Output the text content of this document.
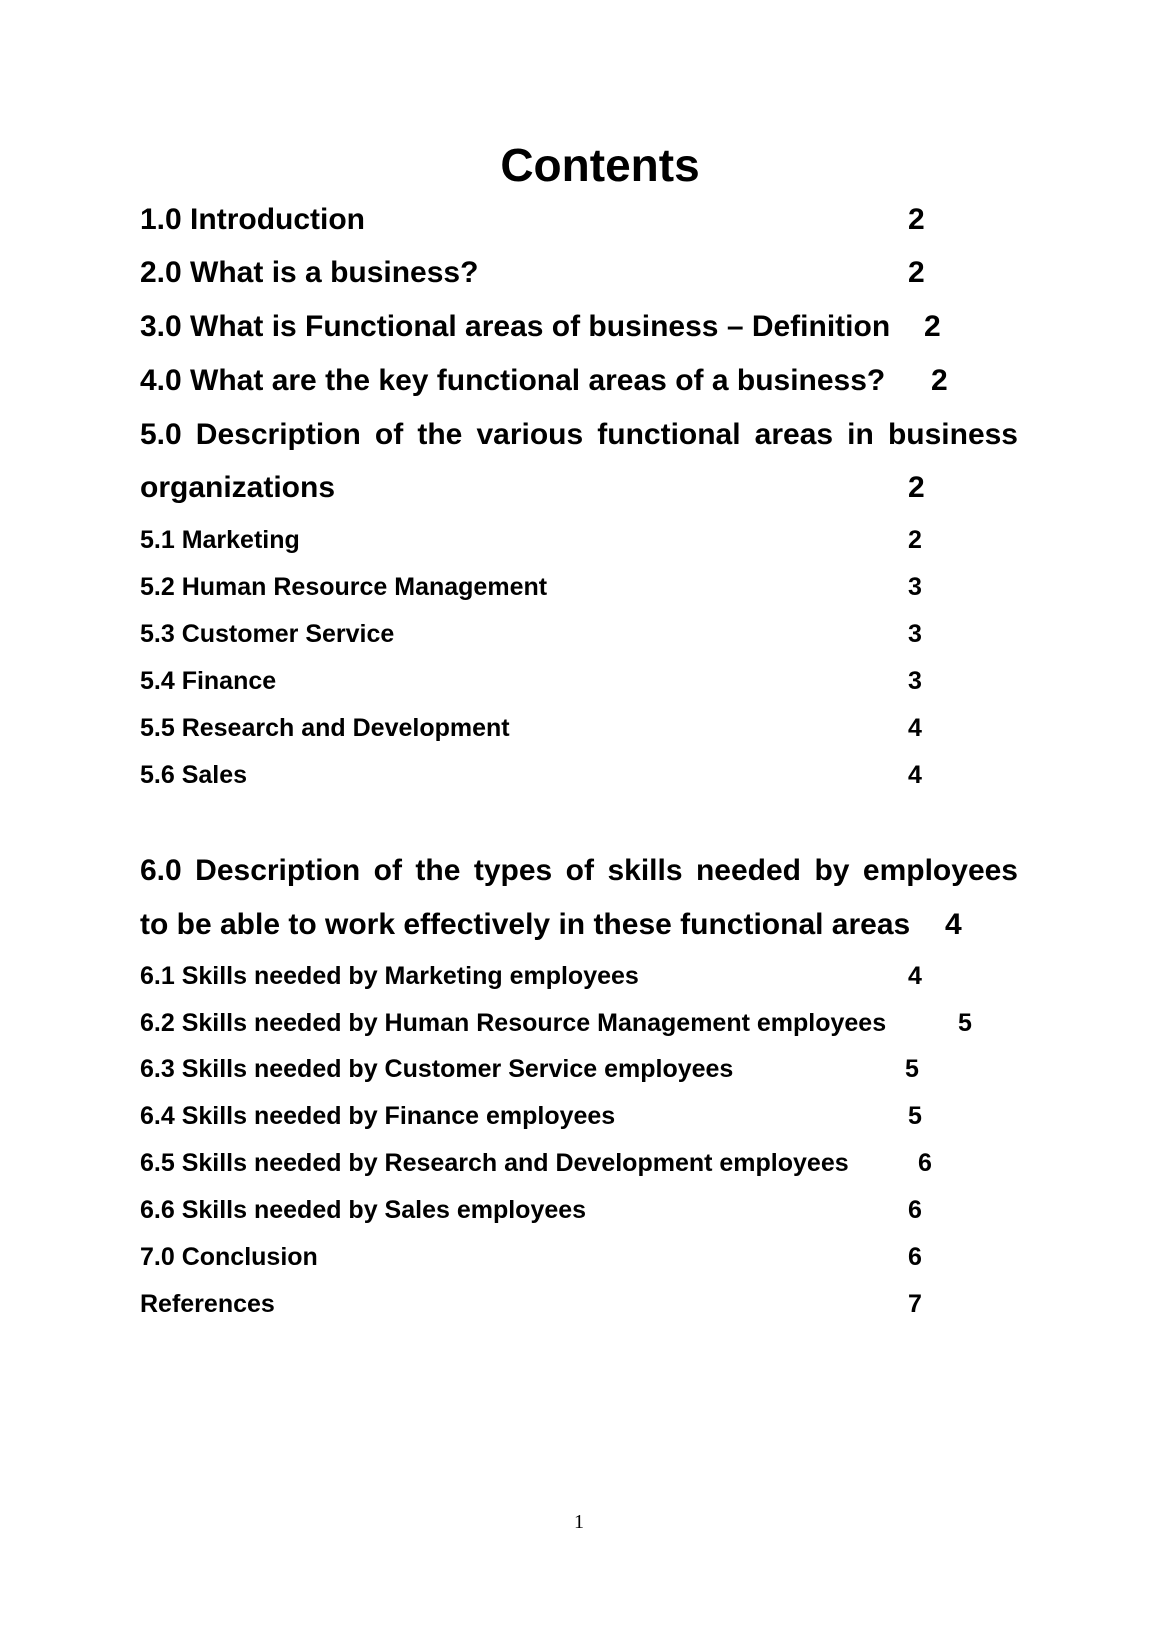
Contents
1.0 Introduction	2
2.0 What is a business?	2
3.0 What is Functional areas of business – Definition 2
4.0 What are the key functional areas of a business? 2
5.0 Description of the various functional areas in business
organizations	2
5.1 Marketing	2
5.2 Human Resource Management	3
5.3 Customer Service	3
5.4 Finance	3
5.5 Research and Development	4
5.6 Sales	4
6.0 Description of the types of skills needed by employees
to be able to work effectively in these functional areas 4
6.1 Skills needed by Marketing employees	4
6.2 Skills needed by Human Resource Management employees	5
6.3 Skills needed by Customer Service employees	5
6.4 Skills needed by Finance employees	5
6.5 Skills needed by Research and Development employees	6
6.6 Skills needed by Sales employees	6
7.0 Conclusion	6
References	7
1
